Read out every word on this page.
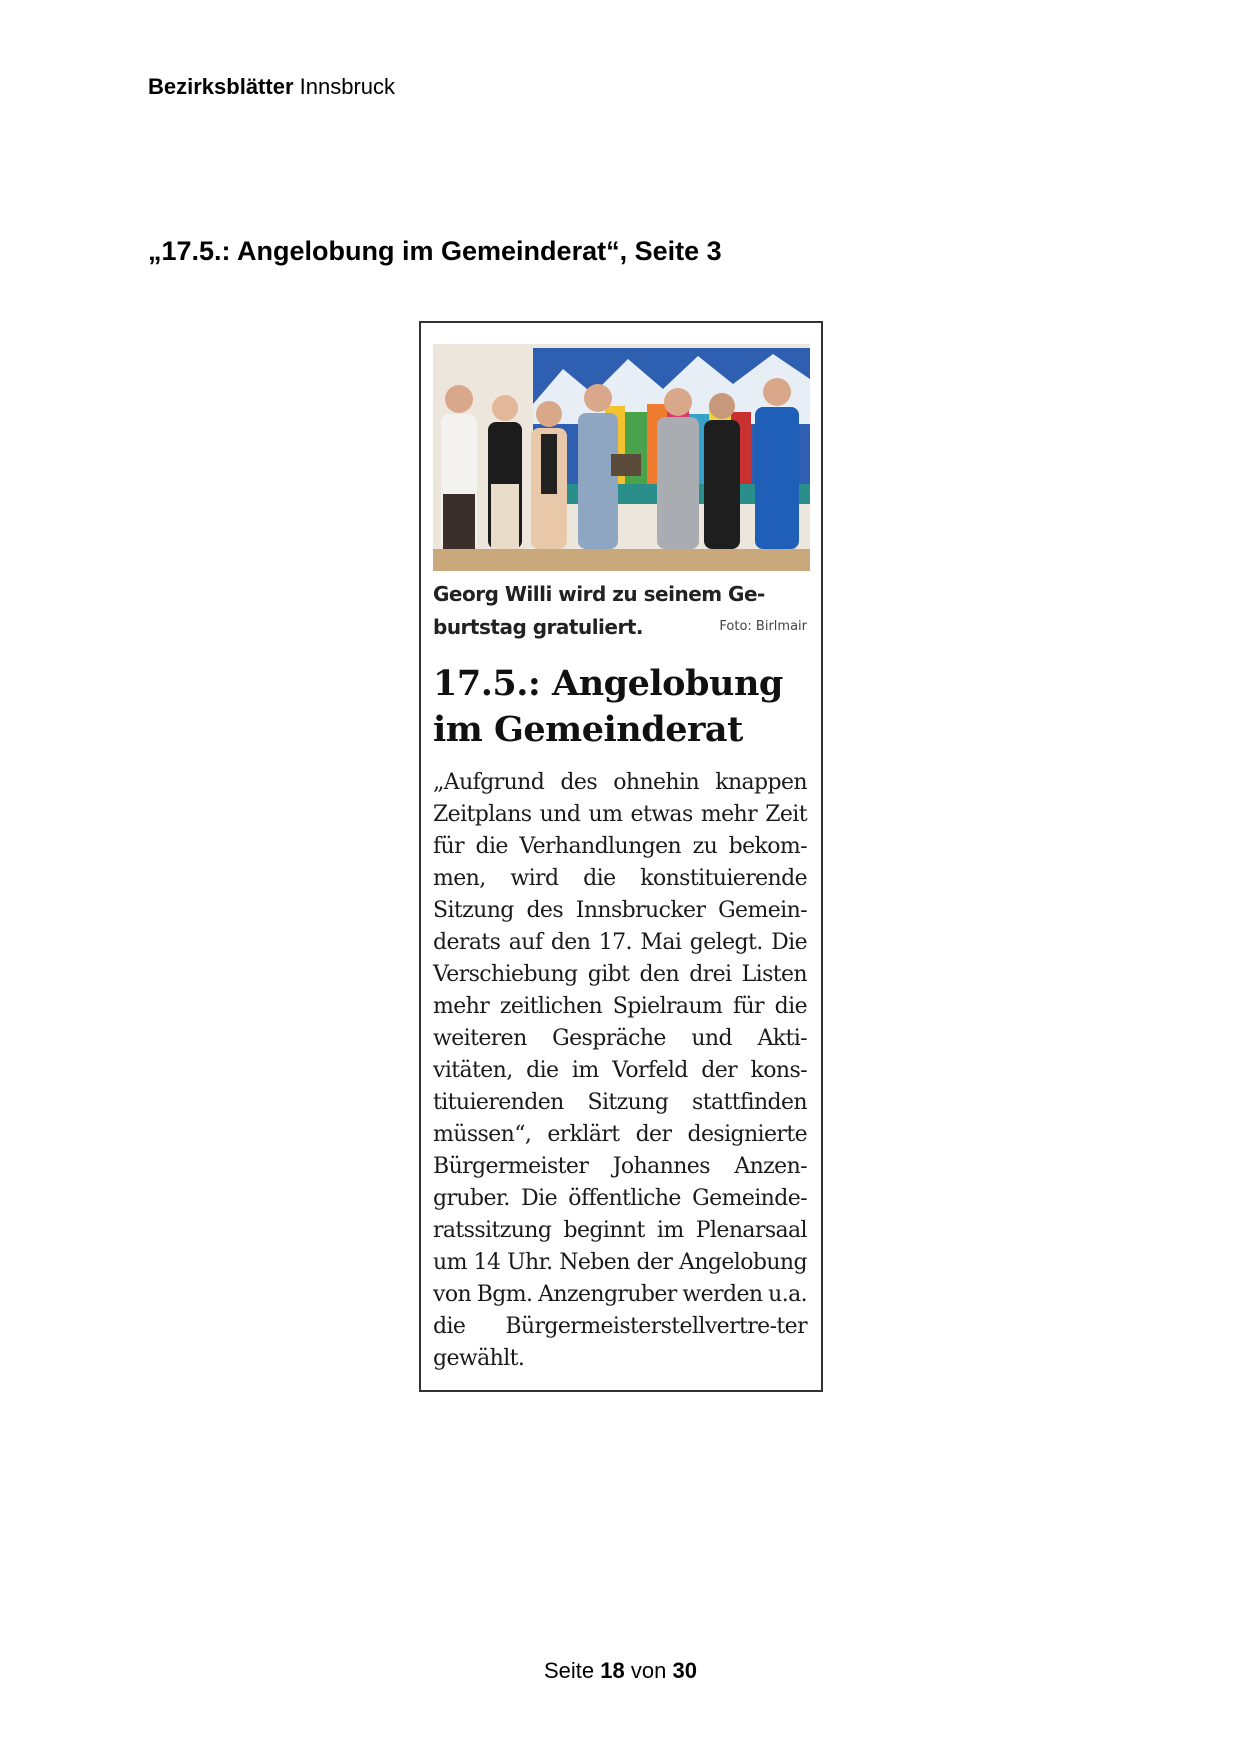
Bezirksblätter Innsbruck
„17.5.: Angelobung im Gemeinderat“, Seite 3
Georg Willi wird zu seinem Ge-burtstag gratuliert.	Foto: Birlmair
17.5.: Angelobung im Gemeinderat
„Aufgrund des ohnehin knappen Zeitplans und um etwas mehr Zeit für die Verhandlungen zu bekom-men, wird die konstituierende Sitzung des Innsbrucker Gemein-derats auf den 17. Mai gelegt. Die Verschiebung gibt den drei Listen mehr zeitlichen Spielraum für die weiteren Gespräche und Akti-vitäten, die im Vorfeld der kons-tituierenden Sitzung stattfinden müssen“, erklärt der designierte Bürgermeister Johannes Anzen-gruber. Die öffentliche Gemeinde-ratssitzung beginnt im Plenarsaal um 14 Uhr. Neben der Angelobung von Bgm. Anzengruber werden u.a. die Bürgermeisterstellvertre-ter gewählt.
Seite 18 von 30
